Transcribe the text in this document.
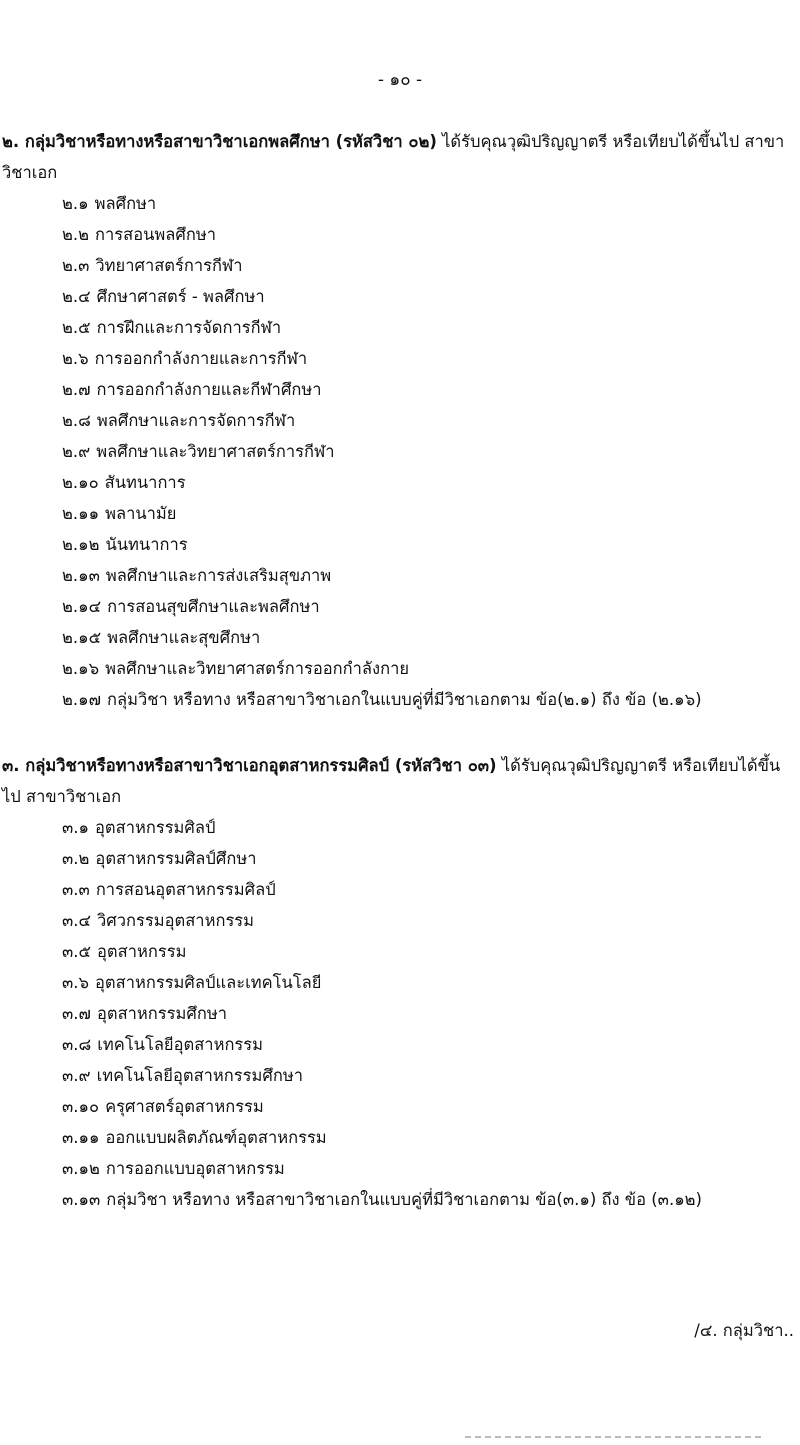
- ๑๐ -

๒. กลุ่มวิชาหรือทางหรือสาขาวิชาเอกพลศึกษา (รหัสวิชา ๐๒) ได้รับคุณวุฒิปริญญาตรี หรือเทียบได้ขึ้นไป สาขาวิชาเอก

๒.๑ พลศึกษา
๒.๒ การสอนพลศึกษา
๒.๓ วิทยาศาสตร์การกีฬา
๒.๔ ศึกษาศาสตร์ - พลศึกษา
๒.๕ การฝึกและการจัดการกีฬา
๒.๖ การออกกำลังกายและการกีฬา
๒.๗ การออกกำลังกายและกีฬาศึกษา
๒.๘ พลศึกษาและการจัดการกีฬา
๒.๙ พลศึกษาและวิทยาศาสตร์การกีฬา
๒.๑๐ สันทนาการ
๒.๑๑ พลานามัย
๒.๑๒ นันทนาการ
๒.๑๓ พลศึกษาและการส่งเสริมสุขภาพ
๒.๑๔ การสอนสุขศึกษาและพลศึกษา
๒.๑๕ พลศึกษาและสุขศึกษา
๒.๑๖ พลศึกษาและวิทยาศาสตร์การออกกำลังกาย
๒.๑๗ กลุ่มวิชา หรือทาง หรือสาขาวิชาเอกในแบบคู่ที่มีวิชาเอกตาม ข้อ(๒.๑) ถึง ข้อ (๒.๑๖)

๓. กลุ่มวิชาหรือทางหรือสาขาวิชาเอกอุตสาหกรรมศิลป์ (รหัสวิชา ๐๓) ได้รับคุณวุฒิปริญญาตรี หรือเทียบได้ขึ้นไป สาขาวิชาเอก

๓.๑ อุตสาหกรรมศิลป์
๓.๒ อุตสาหกรรมศิลป์ศึกษา
๓.๓ การสอนอุตสาหกรรมศิลป์
๓.๔ วิศวกรรมอุตสาหกรรม
๓.๕ อุตสาหกรรม
๓.๖ อุตสาหกรรมศิลป์และเทคโนโลยี
๓.๗ อุตสาหกรรมศึกษา
๓.๘ เทคโนโลยีอุตสาหกรรม
๓.๙ เทคโนโลยีอุตสาหกรรมศึกษา
๓.๑๐ ครุศาสตร์อุตสาหกรรม
๓.๑๑ ออกแบบผลิตภัณฑ์อุตสาหกรรม
๓.๑๒ การออกแบบอุตสาหกรรม
๓.๑๓ กลุ่มวิชา หรือทาง หรือสาขาวิชาเอกในแบบคู่ที่มีวิชาเอกตาม ข้อ(๓.๑) ถึง ข้อ (๓.๑๒)
/๔. กลุ่มวิชา..
